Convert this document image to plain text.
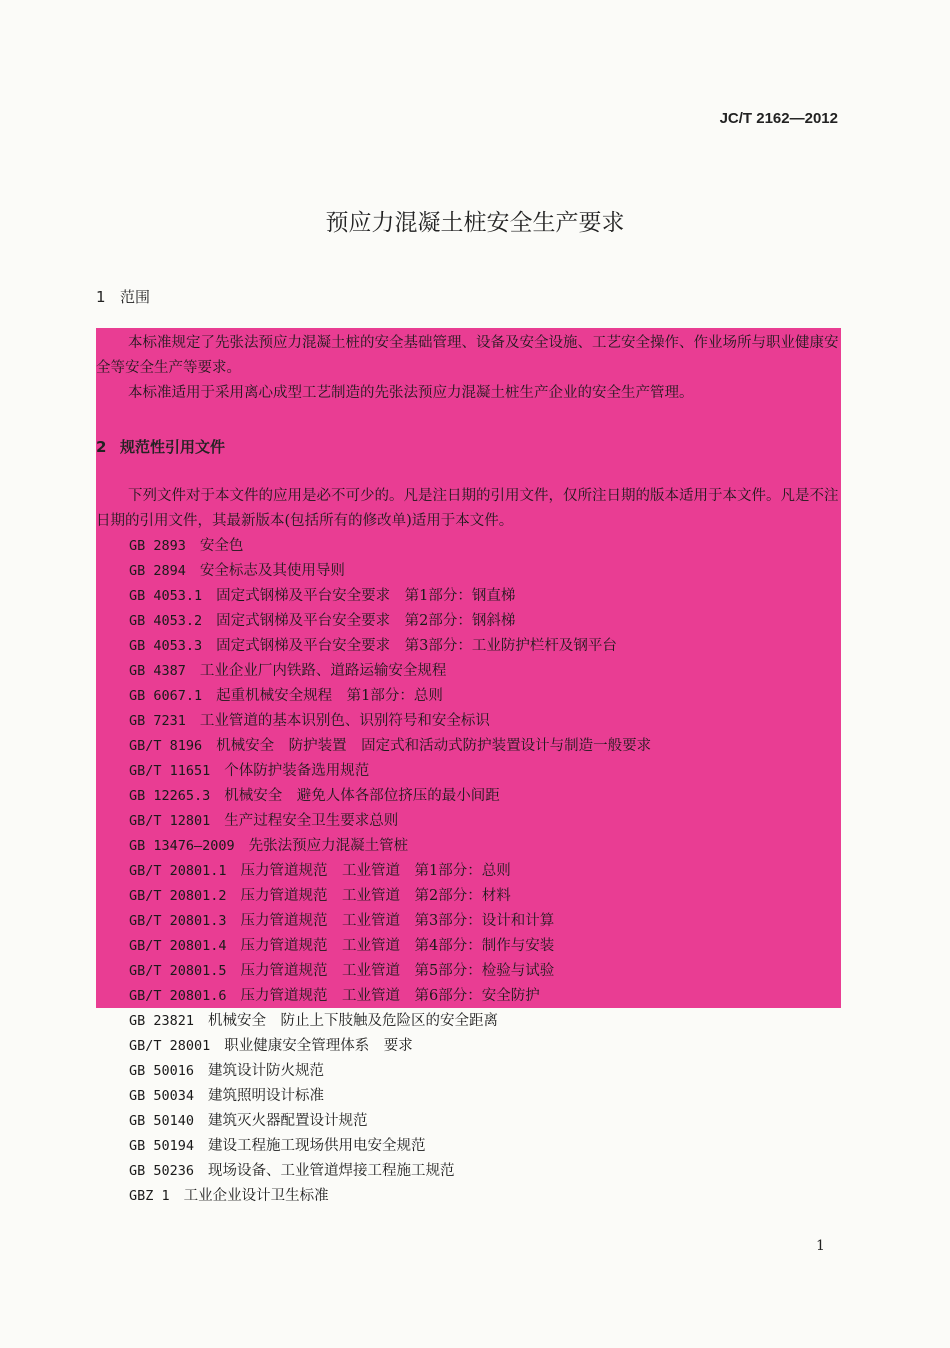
JC/T 2162—2012
预应力混凝土桩安全生产要求
1 范围
本标准规定了先张法预应力混凝土桩的安全基础管理、设备及安全设施、工艺安全操作、作业场所与职业健康安全等安全生产等要求。
本标准适用于采用离心成型工艺制造的先张法预应力混凝土桩生产企业的安全生产管理。
2 规范性引用文件
下列文件对于本文件的应用是必不可少的。凡是注日期的引用文件，仅所注日期的版本适用于本文件。凡是不注日期的引用文件，其最新版本(包括所有的修改单)适用于本文件。
GB 2893 安全色
GB 2894 安全标志及其使用导则
GB 4053.1 固定式钢梯及平台安全要求　第1部分：钢直梯
GB 4053.2 固定式钢梯及平台安全要求　第2部分：钢斜梯
GB 4053.3 固定式钢梯及平台安全要求　第3部分：工业防护栏杆及钢平台
GB 4387 工业企业厂内铁路、道路运输安全规程
GB 6067.1 起重机械安全规程　第1部分：总则
GB 7231 工业管道的基本识别色、识别符号和安全标识
GB/T 8196 机械安全　防护装置　固定式和活动式防护装置设计与制造一般要求
GB/T 11651 个体防护装备选用规范
GB 12265.3 机械安全　避免人体各部位挤压的最小间距
GB/T 12801 生产过程安全卫生要求总则
GB 13476—2009 先张法预应力混凝土管桩
GB/T 20801.1 压力管道规范　工业管道　第1部分：总则
GB/T 20801.2 压力管道规范　工业管道　第2部分：材料
GB/T 20801.3 压力管道规范　工业管道　第3部分：设计和计算
GB/T 20801.4 压力管道规范　工业管道　第4部分：制作与安装
GB/T 20801.5 压力管道规范　工业管道　第5部分：检验与试验
GB/T 20801.6 压力管道规范　工业管道　第6部分：安全防护
GB 23821 机械安全　防止上下肢触及危险区的安全距离
GB/T 28001 职业健康安全管理体系　要求
GB 50016 建筑设计防火规范
GB 50034 建筑照明设计标准
GB 50140 建筑灭火器配置设计规范
GB 50194 建设工程施工现场供用电安全规范
GB 50236 现场设备、工业管道焊接工程施工规范
GBZ 1 工业企业设计卫生标准
1
